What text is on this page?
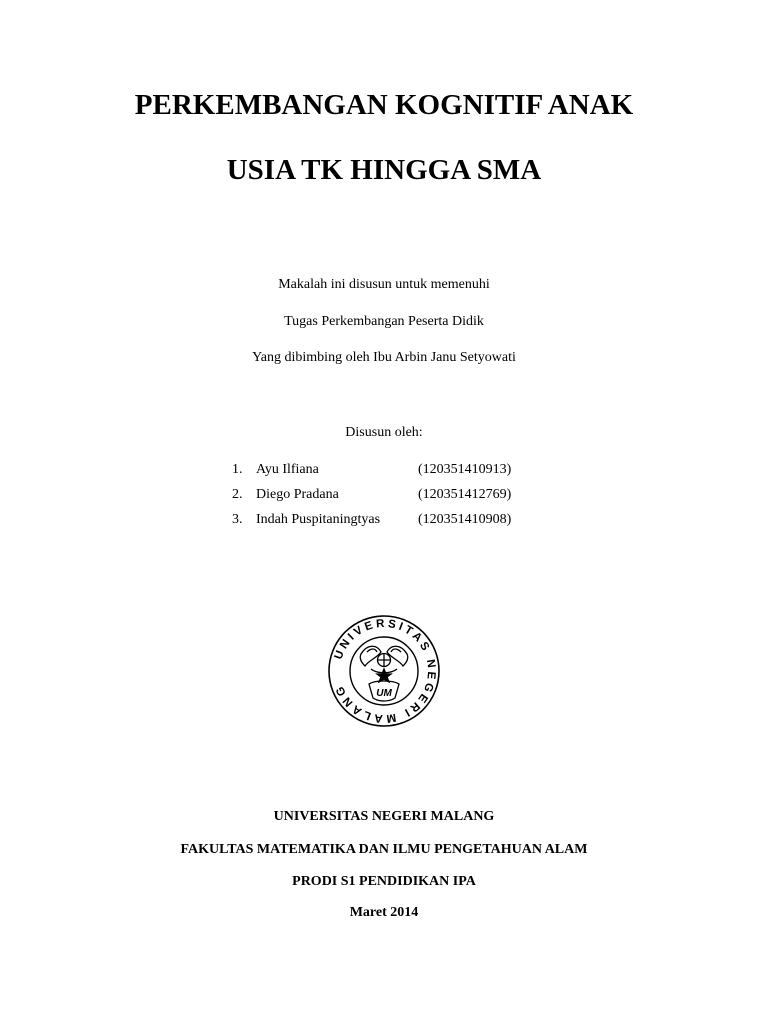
PERKEMBANGAN KOGNITIF ANAK
USIA TK HINGGA SMA
Makalah ini disusun untuk memenuhi
Tugas Perkembangan Peserta Didik
Yang dibimbing oleh Ibu Arbin Janu Setyowati
Disusun oleh:
1. Ayu Ilfiana	(120351410913)
2. Diego Pradana	(120351412769)
3. Indah Puspitaningtyas	(120351410908)
UNIVERSITAS NEGERI MALANG	UM
UNIVERSITAS NEGERI MALANG
FAKULTAS MATEMATIKA DAN ILMU PENGETAHUAN ALAM
PRODI S1 PENDIDIKAN IPA
Maret 2014
